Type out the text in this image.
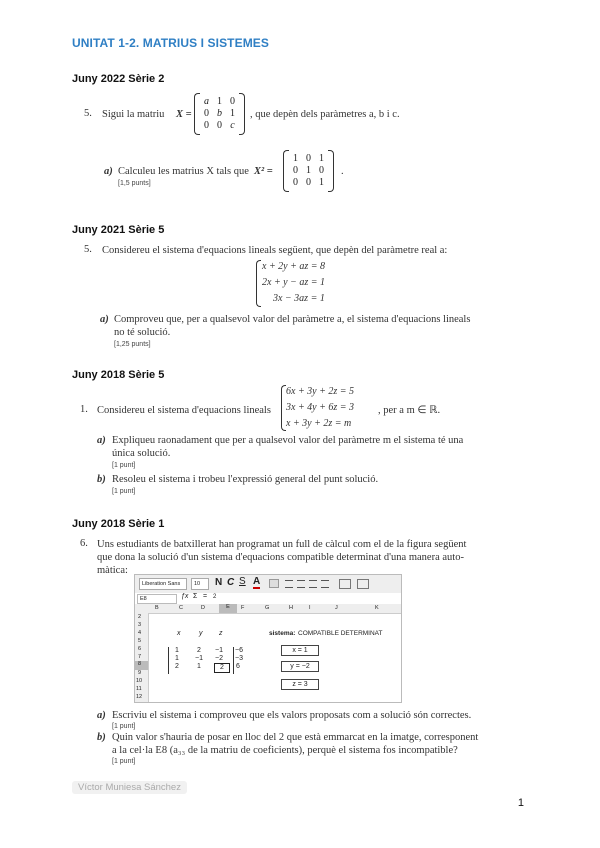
UNITAT 1-2. MATRIUS I SISTEMES
Juny 2022 Sèrie 2
5. Sigui la matriu X =
a	1	0
0	b	1
0	0	c
, que depèn dels paràmetres a, b i c.
a) Calculeu les matrius X tals que X² =
1	0	1
0	1	0
0	0	1
.
[1,5 punts]
Juny 2021 Sèrie 5
5. Considereu el sistema d'equacions lineals següent, que depèn del paràmetre real a:
x + 2y + az = 8
2x + y − az = 1
3x − 3az = 1
a) Comproveu que, per a qualsevol valor del paràmetre a, el sistema d'equacions lineals
no té solució.
[1,25 punts]
Juny 2018 Sèrie 5
1. Considereu el sistema d'equacions lineals
6x + 3y + 2z = 5
3x + 4y + 6z = 3
x + 3y + 2z = m
, per a m ∈ ℝ.
a) Expliqueu raonadament que per a qualsevol valor del paràmetre m el sistema té una
única solució.
[1 punt]
b) Resoleu el sistema i trobeu l'expressió general del punt solució.
[1 punt]
Juny 2018 Sèrie 1
6. Uns estudiants de batxillerat han programat un full de càlcul com el de la figura següent
que dona la solució d'un sistema d'equacions compatible determinat d'una manera auto-
màtica:
Liberation Sans	10	N C S A
E8	ƒx Σ = 2
B	C	D	E	F	G	H	I	J	K
2
3
4
5
6
7
8
9
10
11
12
x	y z
1	2 −1 −6
1 −1 −2 −3
2	1	2	6
sistema: COMPATIBLE DETERMINAT
x = 1
y = −2
z = 3
a) Escriviu el sistema i comproveu que els valors proposats com a solució són correctes.
[1 punt]
b) Quin valor s'hauria de posar en lloc del 2 que està emmarcat en la imatge, corresponent
a la cel·la E8 (a₃₃ de la matriu de coeficients), perquè el sistema fos incompatible?
[1 punt]
Víctor Muniesa Sánchez
1
